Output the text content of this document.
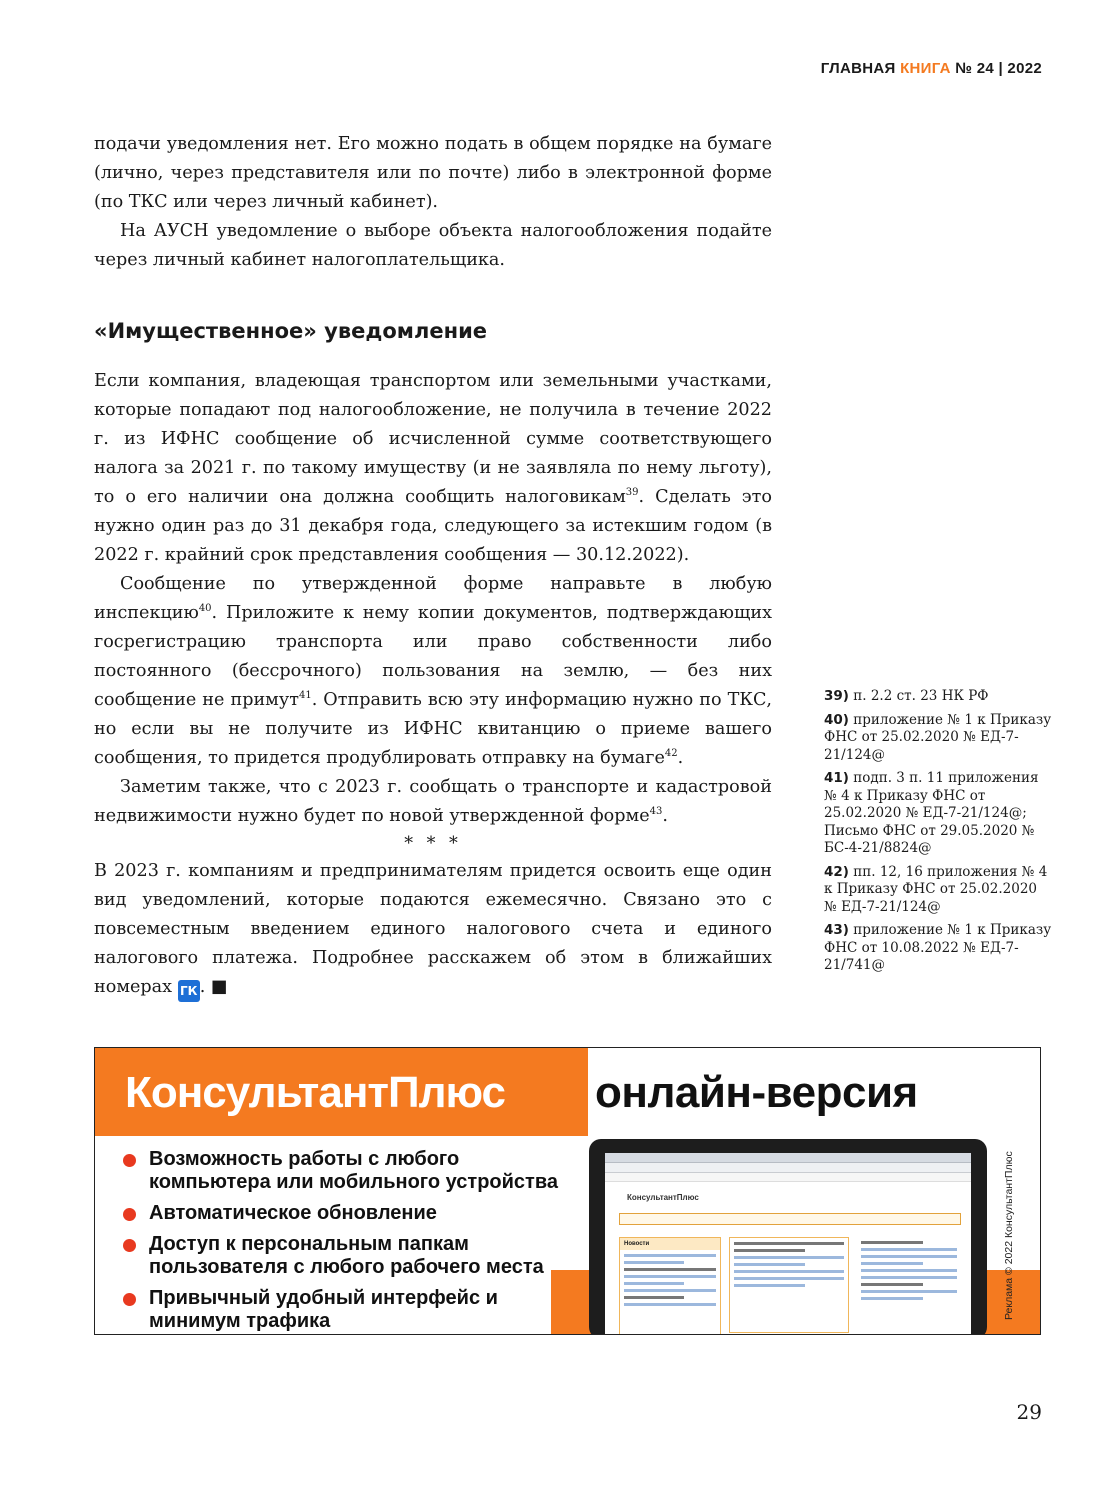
ГЛАВНАЯ КНИГА № 24 | 2022

подачи уведомления нет. Его можно подать в общем порядке на бумаге (лично, через представителя или по почте) либо в электронной форме (по ТКС или через личный кабинет).

На АУСН уведомление о выборе объекта налогообложения подайте через личный кабинет налогоплательщика.

«Имущественное» уведомление

Если компания, владеющая транспортом или земельными участками, которые попадают под налогообложение, не получила в течение 2022 г. из ИФНС сообщение об исчисленной сумме соответствующего налога за 2021 г. по такому имуществу (и не заявляла по нему льготу), то о его наличии она должна сообщить налоговикам$^{39}$. Сделать это нужно один раз до 31 декабря года, следующего за истекшим годом (в 2022 г. крайний срок представления сообщения — 30.12.2022).

Сообщение по утвержденной форме направьте в любую инспекцию$^{40}$. Приложите к нему копии документов, подтверждающих госрегистрацию транспорта или право собственности либо постоянного (бессрочного) пользования на землю, — без них сообщение не примут$^{41}$. Отправить всю эту информацию нужно по ТКС, но если вы не получите из ИФНС квитанцию о приеме вашего сообщения, то придется продублировать отправку на бумаге$^{42}$.

Заметим также, что с 2023 г. сообщать о транспорте и кадастровой недвижимости нужно будет по новой утвержденной форме$^{43}$.

* * *

В 2023 г. компаниям и предпринимателям придется освоить еще один вид уведомлений, которые подаются ежемесячно. Связано это с повсеместным введением единого налогового счета и единого налогового платежа. Подробнее расскажем об этом в ближайших номерах ГК . ■

39) п. 2.2 ст. 23 НК РФ
40) приложение № 1 к Приказу ФНС от 25.02.2020 № ЕД-7-21/124@
41) подп. 3 п. 11 приложения № 4 к Приказу ФНС от 25.02.2020 № ЕД-7-21/124@; Письмо ФНС от 29.05.2020 № БС-4-21/8824@
42) пп. 12, 16 приложения № 4 к Приказу ФНС от 25.02.2020 № ЕД-7-21/124@
43) приложение № 1 к Приказу ФНС от 10.08.2022 № ЕД-7-21/741@
КонсультантПлюс онлайн-версия
Возможность работы с любого компьютера или мобильного устройства
Автоматическое обновление
Доступ к персональным папкам пользователя с любого рабочего места
Привычный удобный интерфейс и минимум трафика
КонсультантПлюс
Новости	Реклама © 2022 КонсультантПлюс
29
